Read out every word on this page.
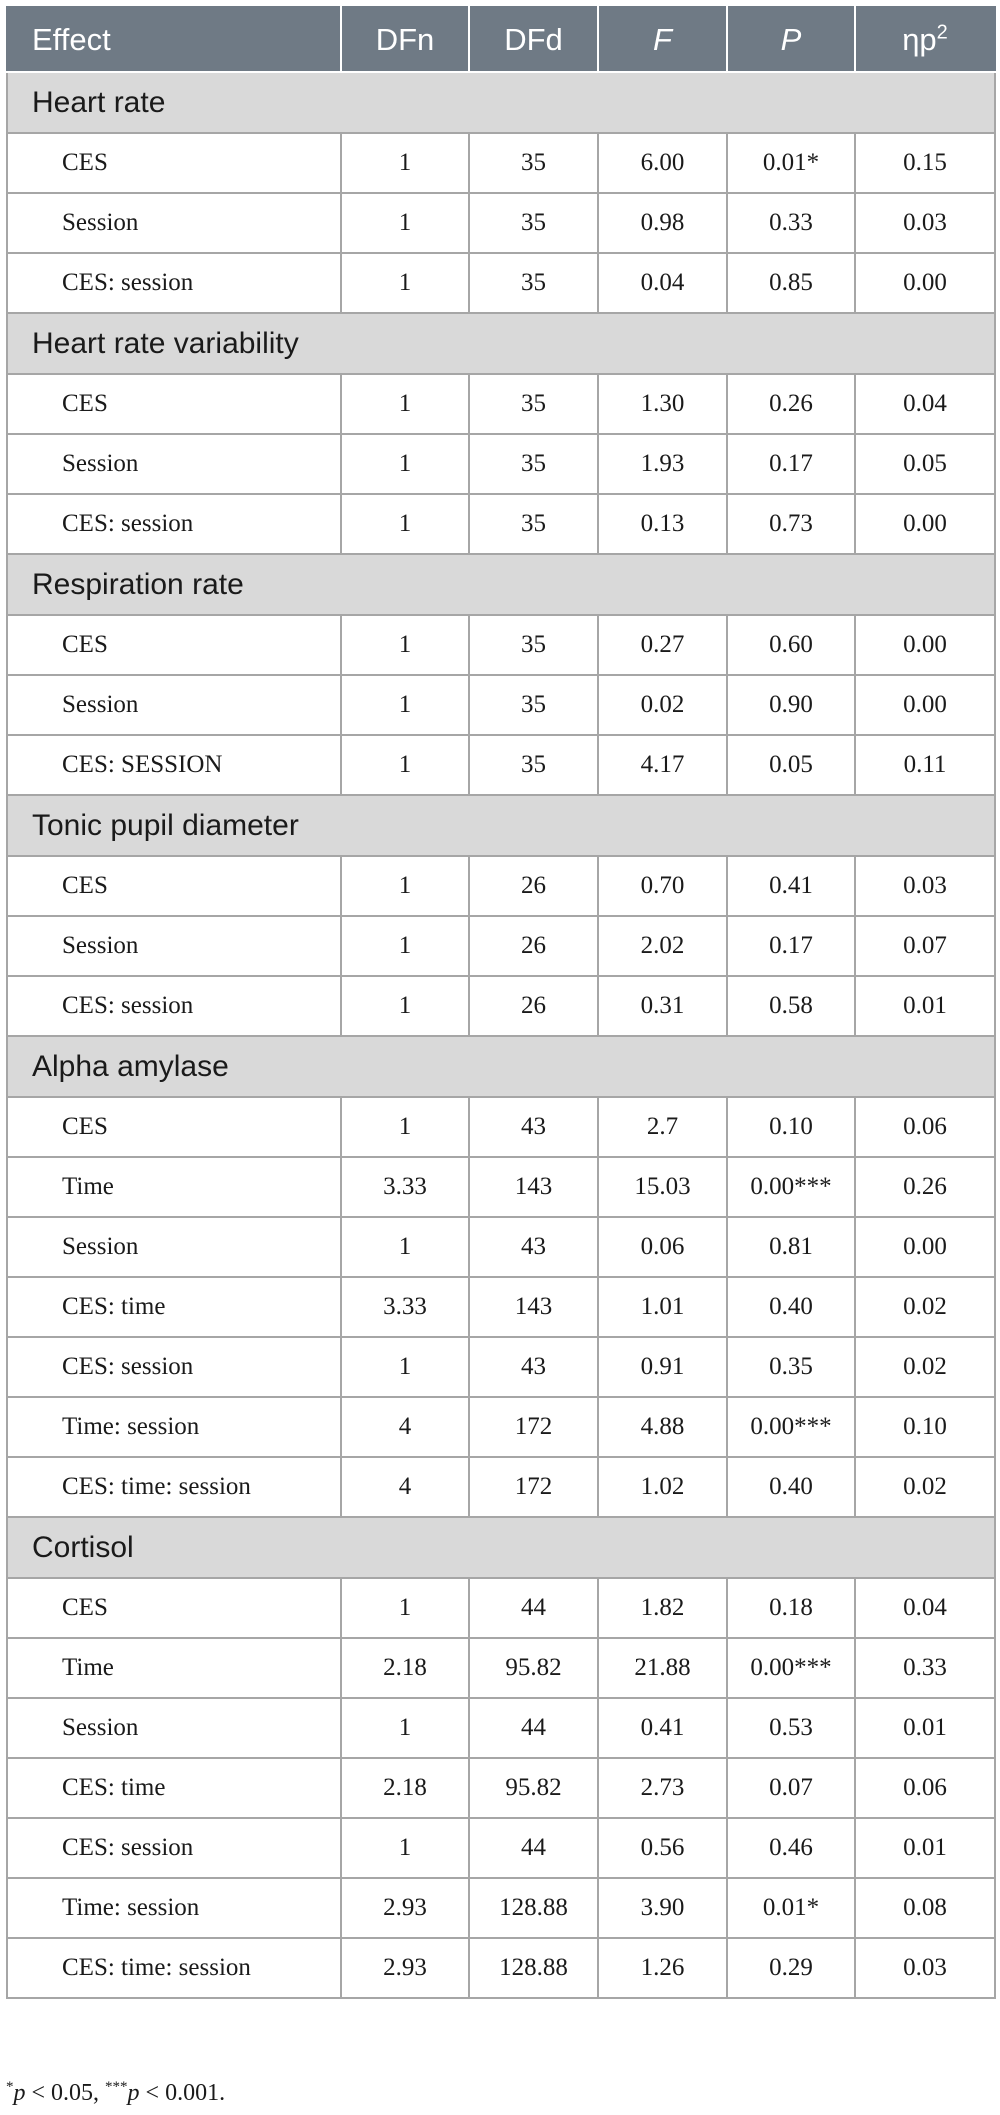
Effect	DFn	DFd	F	P	$\eta p^2$
Heart rate					
CES	1	35	6.00	0.01*	0.15
Session	1	35	0.98	0.33	0.03
CES: session	1	35	0.04	0.85	0.00
Heart rate variability					
CES	1	35	1.30	0.26	0.04
Session	1	35	1.93	0.17	0.05
CES: session	1	35	0.13	0.73	0.00
Respiration rate					
CES	1	35	0.27	0.60	0.00
Session	1	35	0.02	0.90	0.00
CES: SESSION	1	35	4.17	0.05	0.11
Tonic pupil diameter					
CES	1	26	0.70	0.41	0.03
Session	1	26	2.02	0.17	0.07
CES: session	1	26	0.31	0.58	0.01
Alpha amylase					
CES	1	43	2.7	0.10	0.06
Time	3.33	143	15.03	0.00***	0.26
Session	1	43	0.06	0.81	0.00
CES: time	3.33	143	1.01	0.40	0.02
CES: session	1	43	0.91	0.35	0.02
Time: session	4	172	4.88	0.00***	0.10
CES: time: session	4	172	1.02	0.40	0.02
Cortisol					
CES	1	44	1.82	0.18	0.04
Time	2.18	95.82	21.88	0.00***	0.33
Session	1	44	0.41	0.53	0.01
CES: time	2.18	95.82	2.73	0.07	0.06
CES: session	1	44	0.56	0.46	0.01
Time: session	2.93	128.88	3.90	0.01*	0.08
CES: time: session	2.93	128.88	1.26	0.29	0.03
*p < 0.05, ***p < 0.001.
